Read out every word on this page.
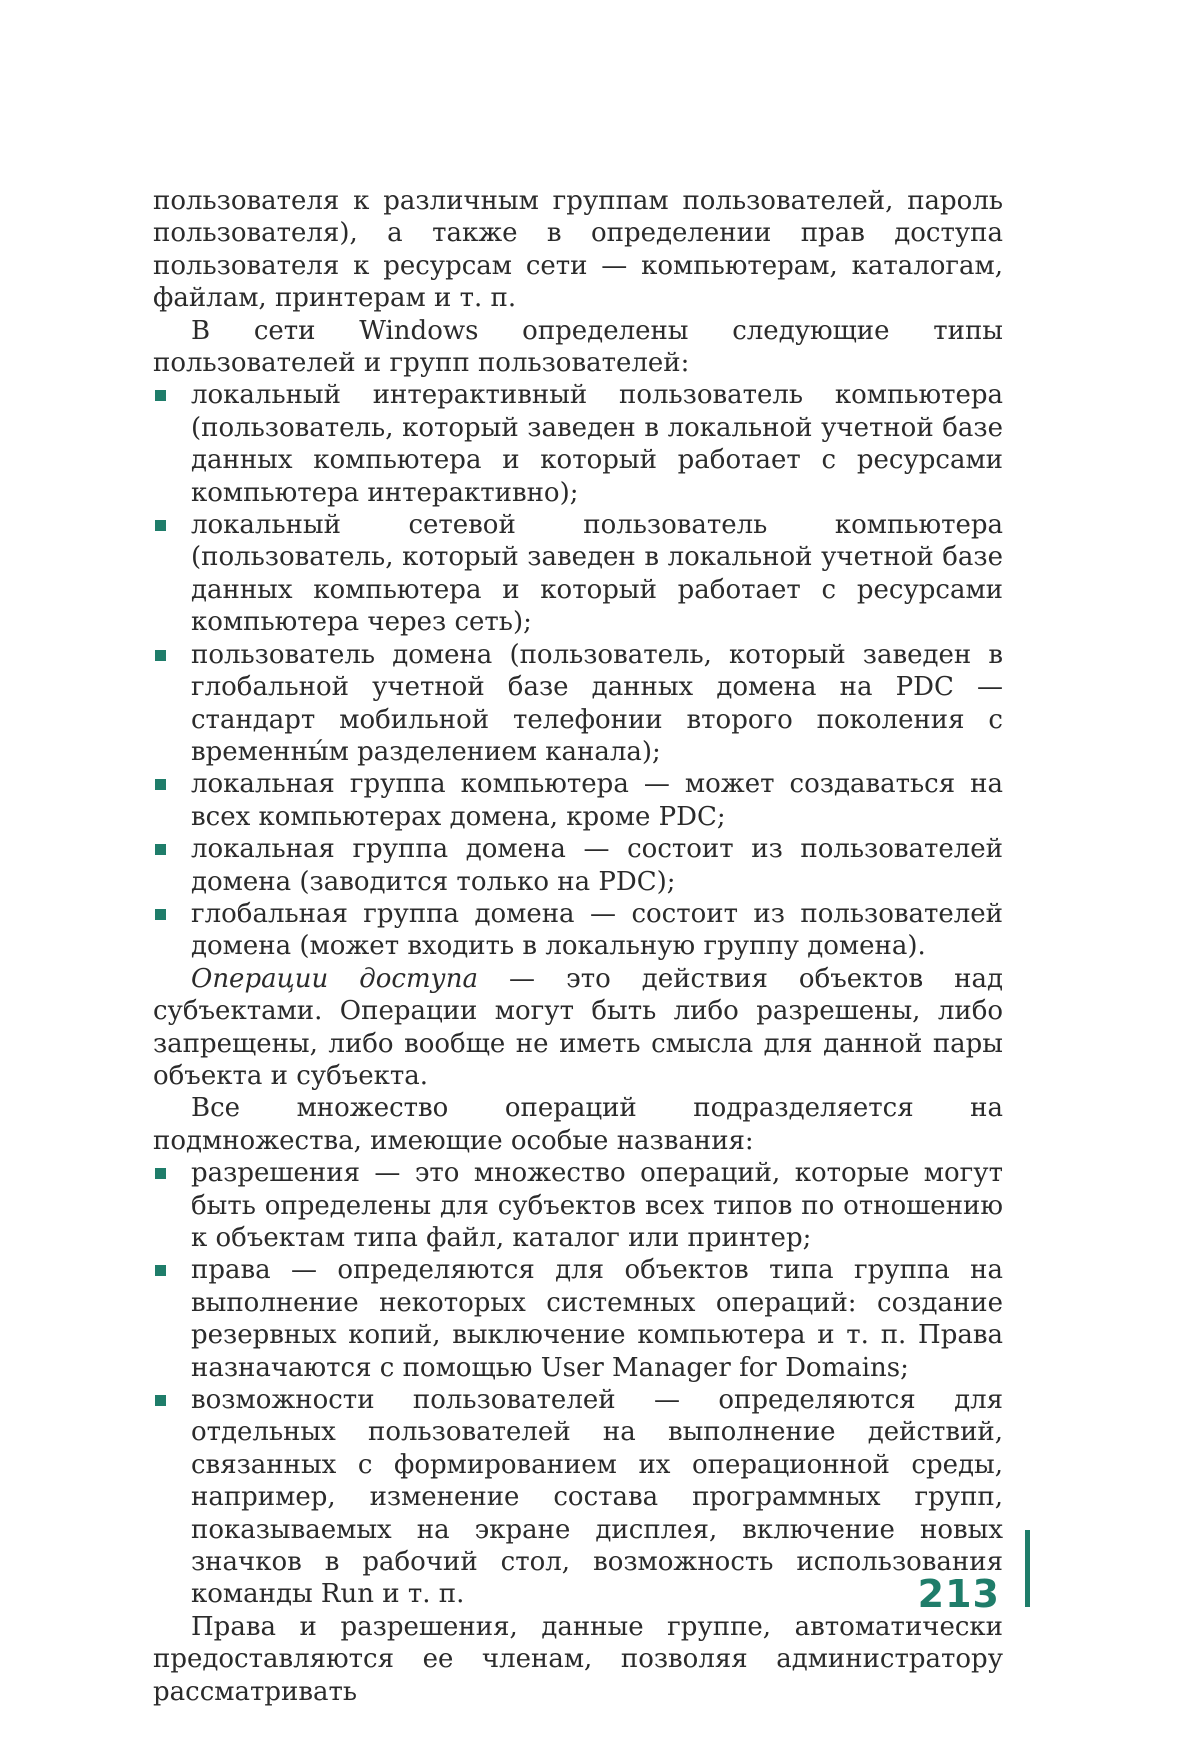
пользователя к различным группам пользователей, пароль пользователя), а также в определении прав доступа пользователя к ресурсам сети — компьютерам, каталогам, файлам, принтерам и т. п.

В сети Windows определены следующие типы пользователей и групп пользователей:

локальный интерактивный пользователь компьютера (пользователь, который заведен в локальной учетной базе данных компьютера и который работает с ресурсами компьютера интерактивно);
локальный сетевой пользователь компьютера (пользователь, который заведен в локальной учетной базе данных компьютера и который работает с ресурсами компьютера через сеть);
пользователь домена (пользователь, который заведен в глобальной учетной базе данных домена на PDC — стандарт мобильной телефонии второго поколения с временны́м разделением канала);
локальная группа компьютера — может создаваться на всех компьютерах домена, кроме PDC;
локальная группа домена — состоит из пользователей домена (заводится только на PDC);
глобальная группа домена — состоит из пользователей домена (может входить в локальную группу домена).

Операции доступа — это действия объектов над субъектами. Операции могут быть либо разрешены, либо запрещены, либо вообще не иметь смысла для данной пары объекта и субъекта.

Все множество операций подразделяется на подмножества, имеющие особые названия:

разрешения — это множество операций, которые могут быть определены для субъектов всех типов по отношению к объектам типа файл, каталог или принтер;
права — определяются для объектов типа группа на выполнение некоторых системных операций: создание резервных копий, выключение компьютера и т. п. Права назначаются с помощью User Manager for Domains;
возможности пользователей — определяются для отдельных пользователей на выполнение действий, связанных с формированием их операционной среды, например, изменение состава программных групп, показываемых на экране дисплея, включение новых значков в рабочий стол, возможность использования команды Run и т. п.

Права и разрешения, данные группе, автоматически предоставляются ее членам, позволяя администратору рассматривать

213
